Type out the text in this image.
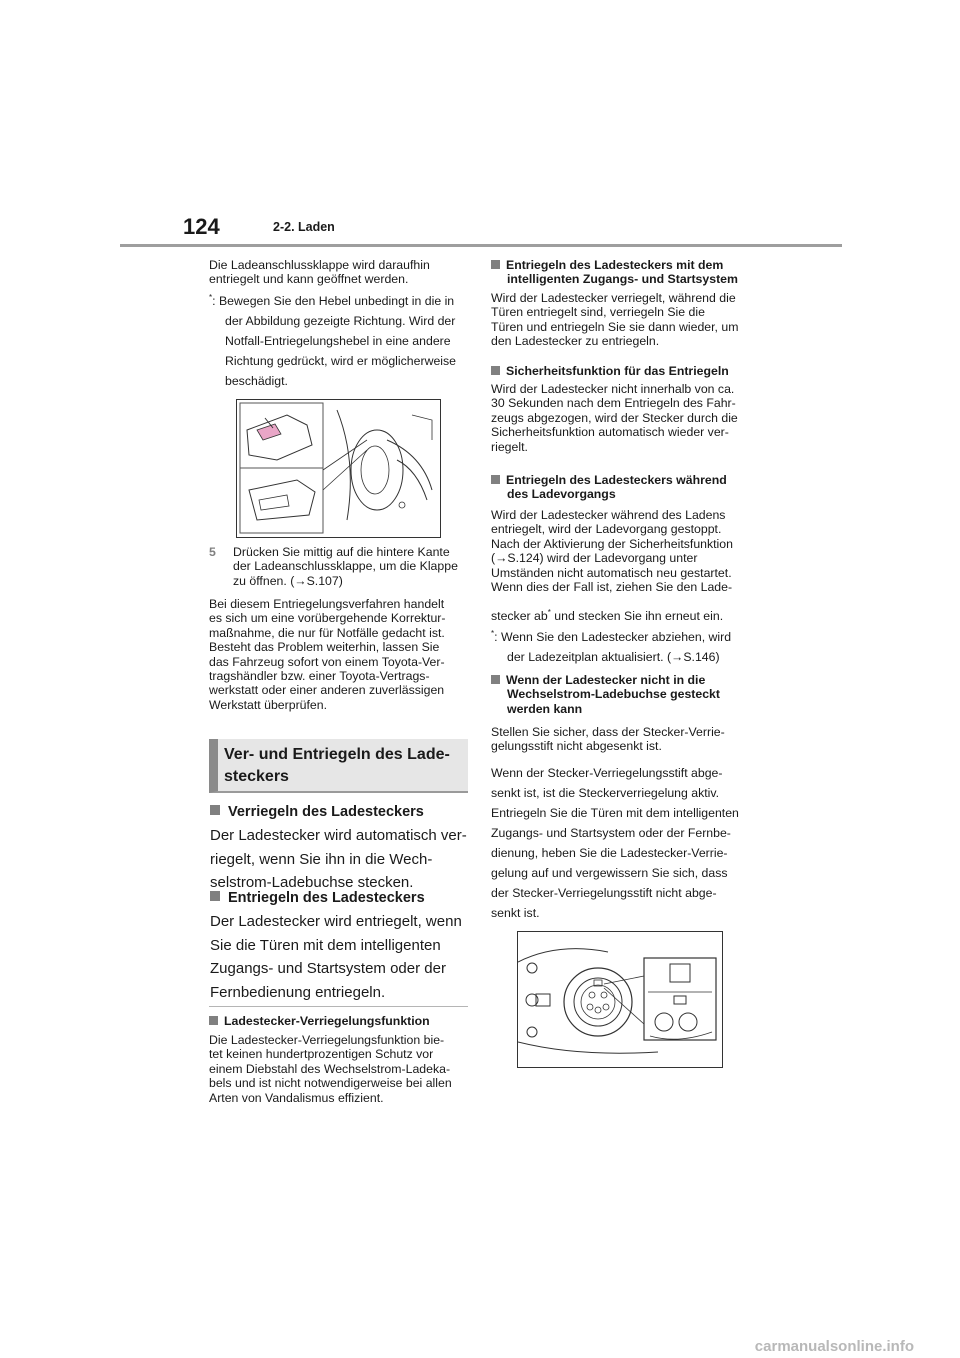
124	2-2. Laden
Die Ladeanschlussklappe wird daraufhin entriegelt und kann geöffnet werden.
*: Bewegen Sie den Hebel unbedingt in die in
der Abbildung gezeigte Richtung. Wird der
Notfall-Entriegelungshebel in eine andere
Richtung gedrückt, wird er möglicherweise
beschädigt.
5 Drücken Sie mittig auf die hintere Kante
der Ladeanschlussklappe, um die Klappe
zu öffnen. (→S.107)
Bei diesem Entriegelungsverfahren handelt
es sich um eine vorübergehende Korrektur-
maßnahme, die nur für Notfälle gedacht ist.
Besteht das Problem weiterhin, lassen Sie
das Fahrzeug sofort von einem Toyota-Ver-
tragshändler bzw. einer Toyota-Vertrags-
werkstatt oder einer anderen zuverlässigen
Werkstatt überprüfen.
Ver- und Entriegeln des Lade-
steckers
Verriegeln des Ladesteckers
Der Ladestecker wird automatisch ver-
riegelt, wenn Sie ihn in die Wech-
selstrom-Ladebuchse stecken.
Entriegeln des Ladesteckers
Der Ladestecker wird entriegelt, wenn
Sie die Türen mit dem intelligenten
Zugangs- und Startsystem oder der
Fernbedienung entriegeln.
Ladestecker-Verriegelungsfunktion
Die Ladestecker-Verriegelungsfunktion bie-
tet keinen hundertprozentigen Schutz vor
einem Diebstahl des Wechselstrom-Ladeka-
bels und ist nicht notwendigerweise bei allen
Arten von Vandalismus effizient.
Entriegeln des Ladesteckers mit dem
intelligenten Zugangs- und Startsystem
Wird der Ladestecker verriegelt, während die
Türen entriegelt sind, verriegeln Sie die
Türen und entriegeln Sie sie dann wieder, um
den Ladestecker zu entriegeln.
Sicherheitsfunktion für das Entriegeln
Wird der Ladestecker nicht innerhalb von ca.
30 Sekunden nach dem Entriegeln des Fahr-
zeugs abgezogen, wird der Stecker durch die
Sicherheitsfunktion automatisch wieder ver-
riegelt.
Entriegeln des Ladesteckers während
des Ladevorgangs
Wird der Ladestecker während des Ladens
entriegelt, wird der Ladevorgang gestoppt.
Nach der Aktivierung der Sicherheitsfunktion
(→S.124) wird der Ladevorgang unter
Umständen nicht automatisch neu gestartet.
Wenn dies der Fall ist, ziehen Sie den Lade-
stecker ab* und stecken Sie ihn erneut ein.
*: Wenn Sie den Ladestecker abziehen, wird
der Ladezeitplan aktualisiert. (→S.146)
Wenn der Ladestecker nicht in die
Wechselstrom-Ladebuchse gesteckt
werden kann
Stellen Sie sicher, dass der Stecker-Verrie-
gelungsstift nicht abgesenkt ist.
Wenn der Stecker-Verriegelungsstift abge-
senkt ist, ist die Steckerverriegelung aktiv.
Entriegeln Sie die Türen mit dem intelligenten
Zugangs- und Startsystem oder der Fernbe-
dienung, heben Sie die Ladestecker-Verrie-
gelung auf und vergewissern Sie sich, dass
der Stecker-Verriegelungsstift nicht abge-
senkt ist.
carmanualsonline.info
